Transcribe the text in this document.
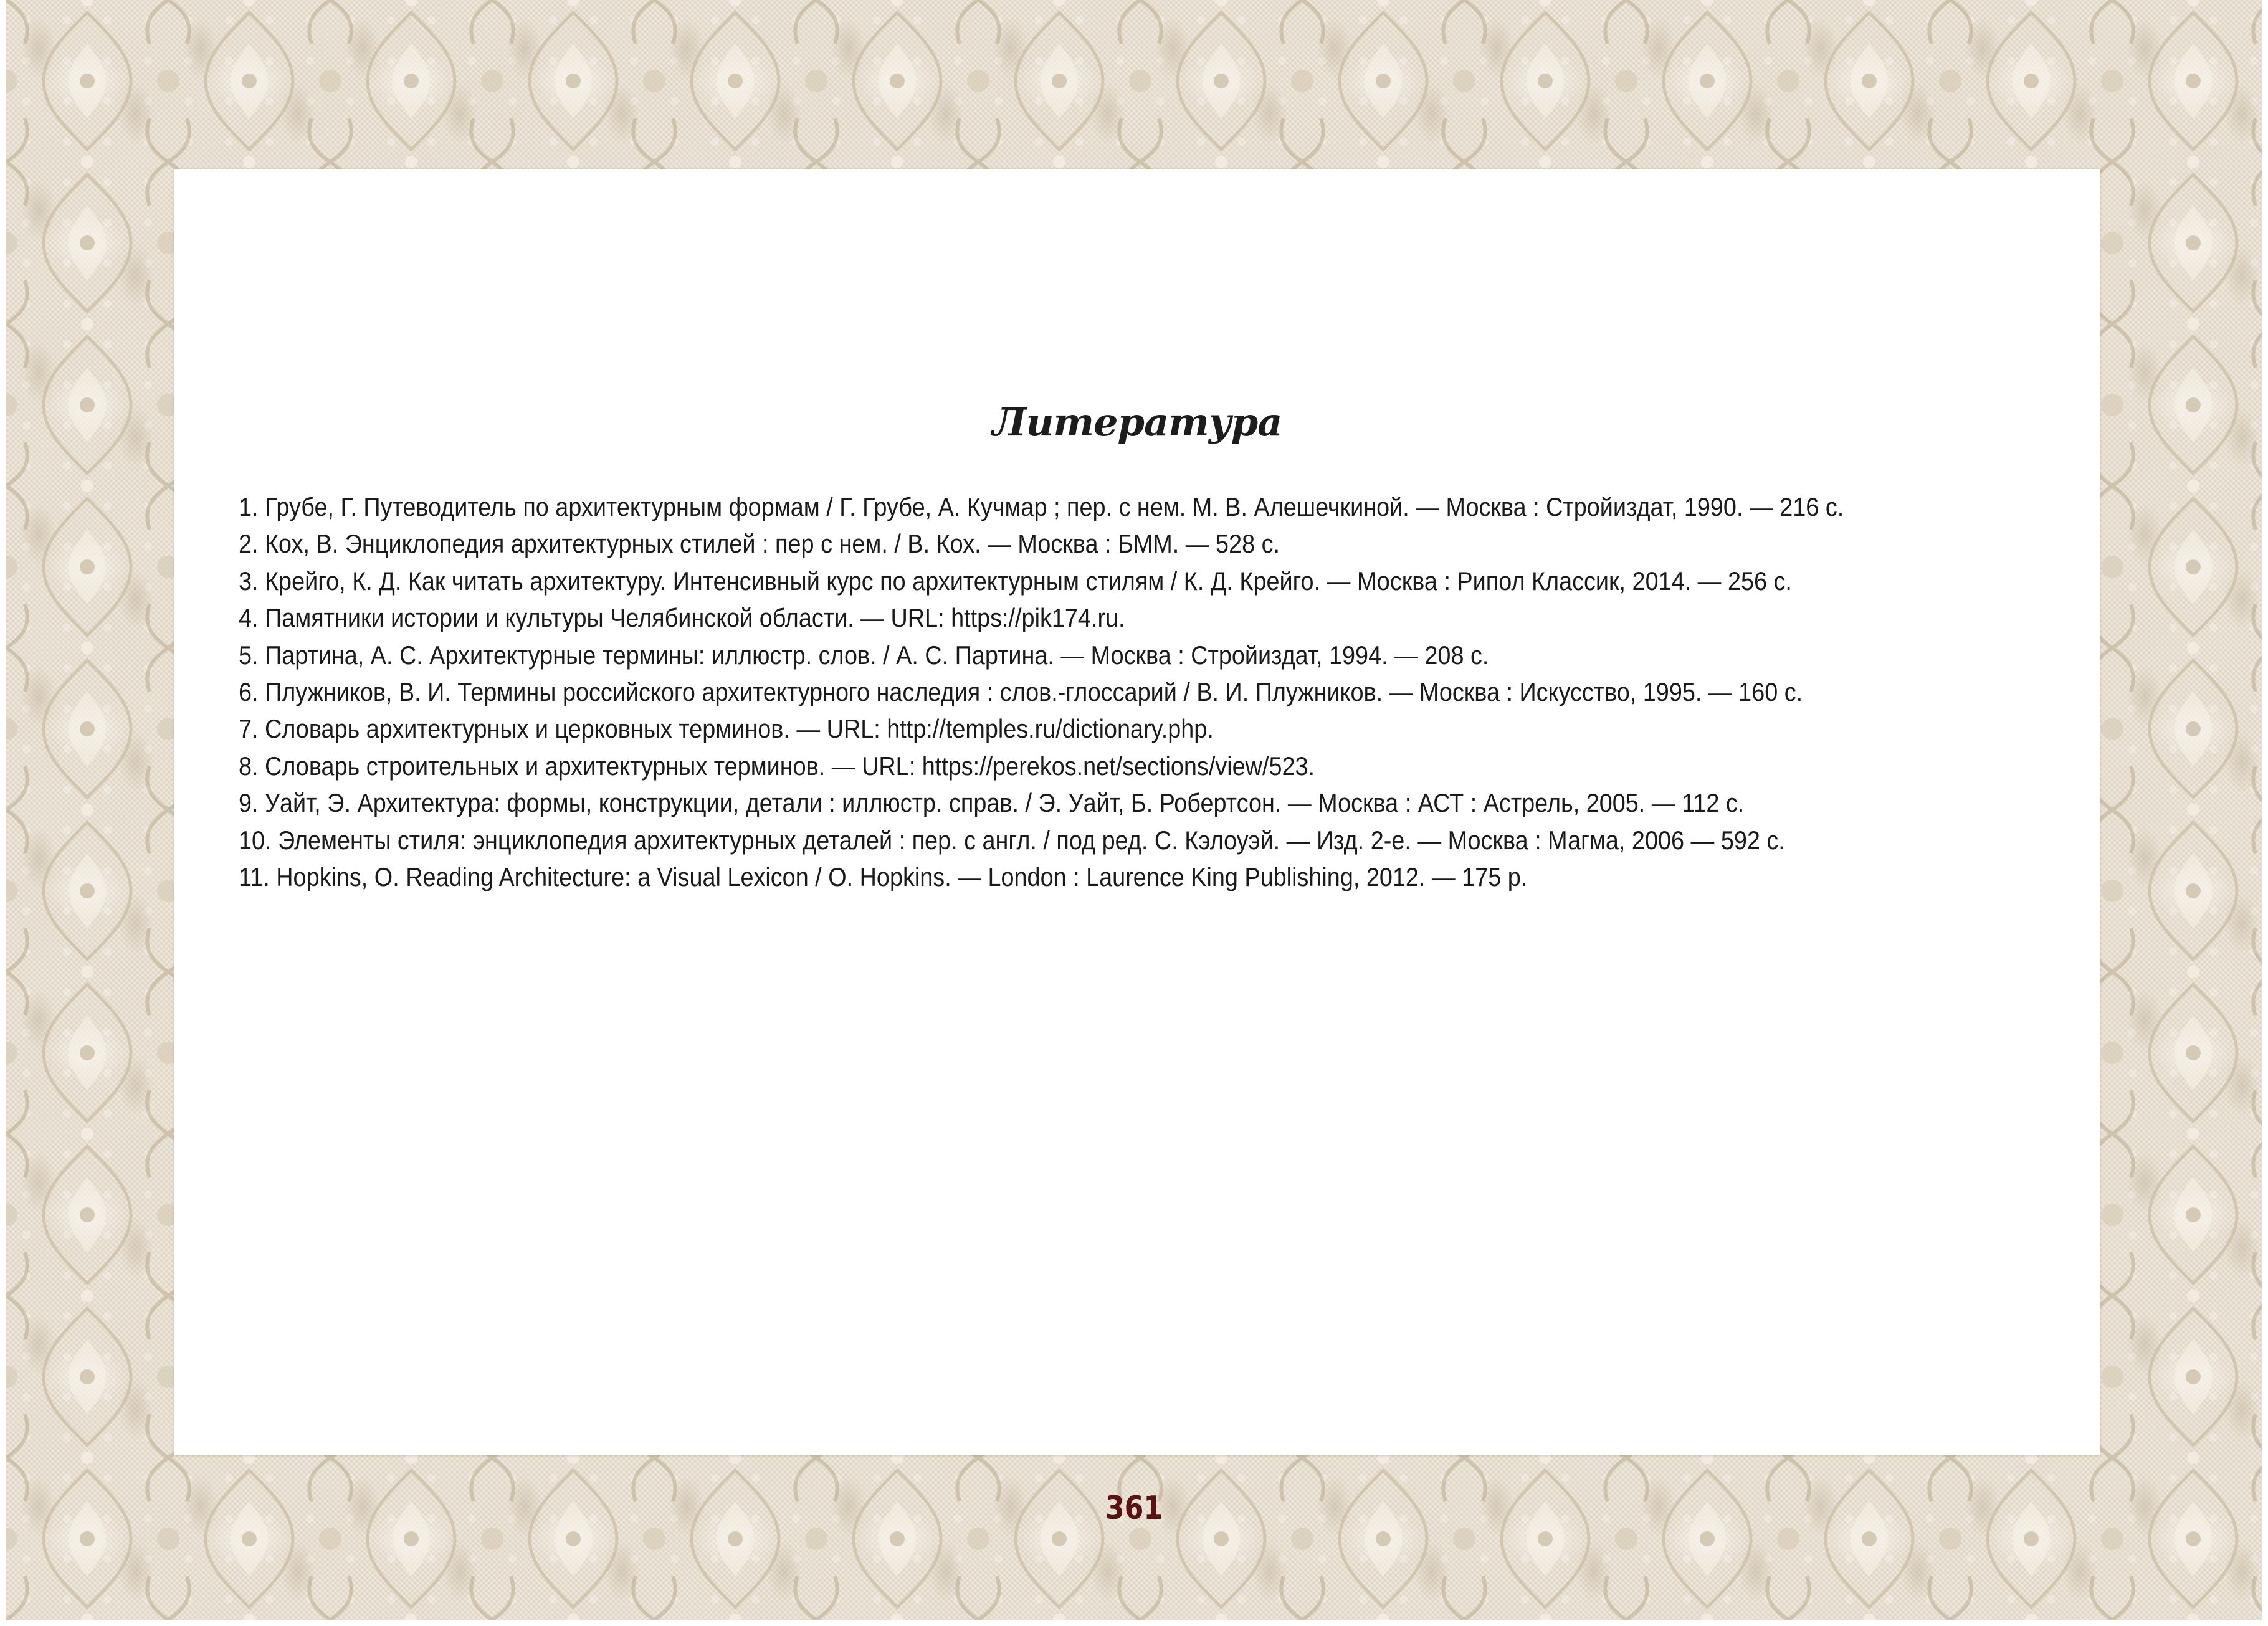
Литература
1. Грубе, Г. Путеводитель по архитектурным формам / Г. Грубе, А. Кучмар ; пер. с нем. М. В. Алешечкиной. — Москва : Стройиздат, 1990. — 216 с.
2. Кох, В. Энциклопедия архитектурных стилей : пер с нем. / В. Кох. — Москва : БММ. — 528 с.
3. Крейго, К. Д. Как читать архитектуру. Интенсивный курс по архитектурным стилям / К. Д. Крейго. — Москва : Рипол Классик, 2014. — 256 с.
4. Памятники истории и культуры Челябинской области. — URL: https://pik174.ru.
5. Партина, А. С. Архитектурные термины: иллюстр. слов. / А. С. Партина. — Москва : Стройиздат, 1994. — 208 с.
6. Плужников, В. И. Термины российского архитектурного наследия : слов.-глоссарий / В. И. Плужников. — Москва : Искусство, 1995. — 160 с.
7. Словарь архитектурных и церковных терминов. — URL: http://temples.ru/dictionary.php.
8. Словарь строительных и архитектурных терминов. — URL: https://perekos.net/sections/view/523.
9. Уайт, Э. Архитектура: формы, конструкции, детали : иллюстр. справ. / Э. Уайт, Б. Робертсон. — Москва : АСТ : Астрель, 2005. — 112 с.
10. Элементы стиля: энциклопедия архитектурных деталей : пер. с англ. / под ред. С. Кэлоуэй. — Изд. 2-е. — Москва : Магма, 2006 — 592 с.
11. Hopkins, O. Reading Architecture: a Visual Lexicon / O. Hopkins. — London : Laurence King Publishing, 2012. — 175 p.
361
